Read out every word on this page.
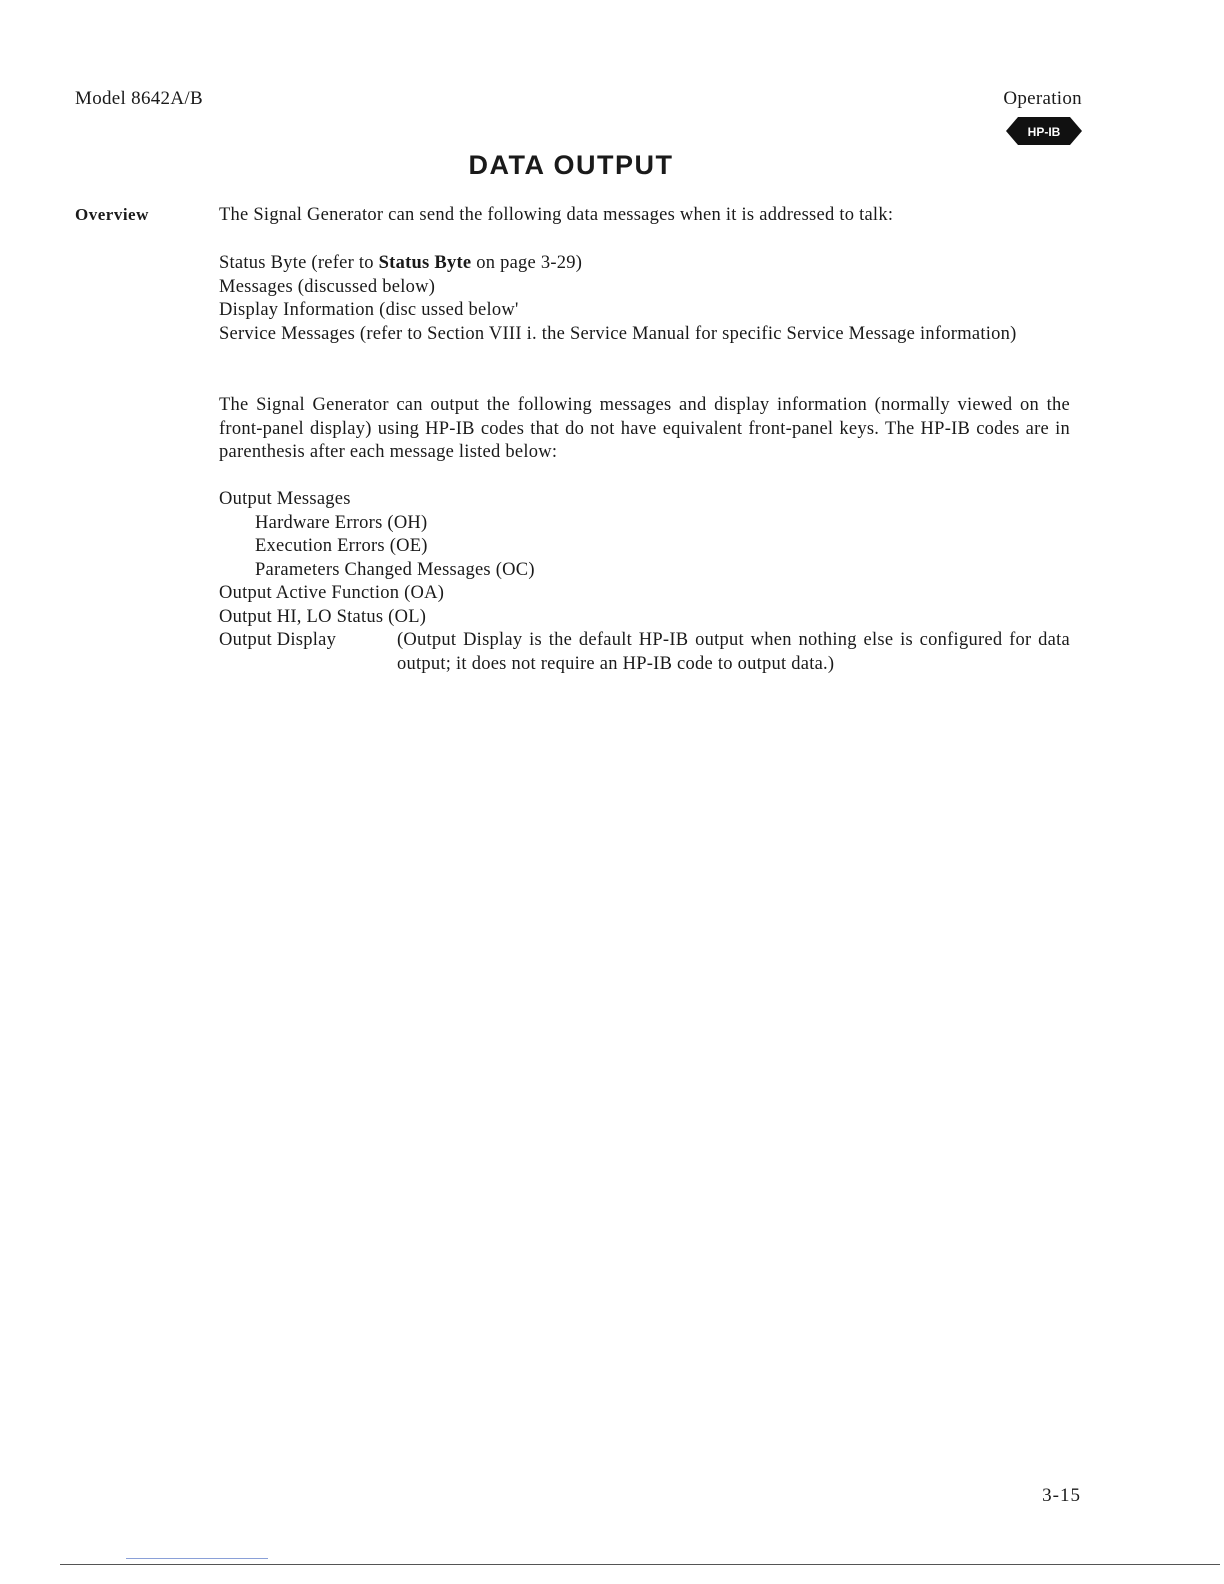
Model 8642A/B	Operation
HP-IB
DATA OUTPUT
Overview	The Signal Generator can send the following data messages when it is addressed to talk:
Status Byte (refer to Status Byte on page 3-29)
Messages (discussed below)
Display Information (disc ussed below'
Service Messages (refer to Section VIII i. the Service Manual for specific Service Message information)
The Signal Generator can output the following messages and display information (normally viewed on the front-panel display) using HP-IB codes that do not have equivalent front-panel keys. The HP-IB codes are in parenthesis after each message listed below:
Output Messages
Hardware Errors (OH)
Execution Errors (OE)
Parameters Changed Messages (OC)
Output Active Function (OA)
Output HI, LO Status (OL)
Output Display	(Output Display is the default HP-IB output when nothing else is configured for data output; it does not require an HP-IB code to output data.)
3-15
